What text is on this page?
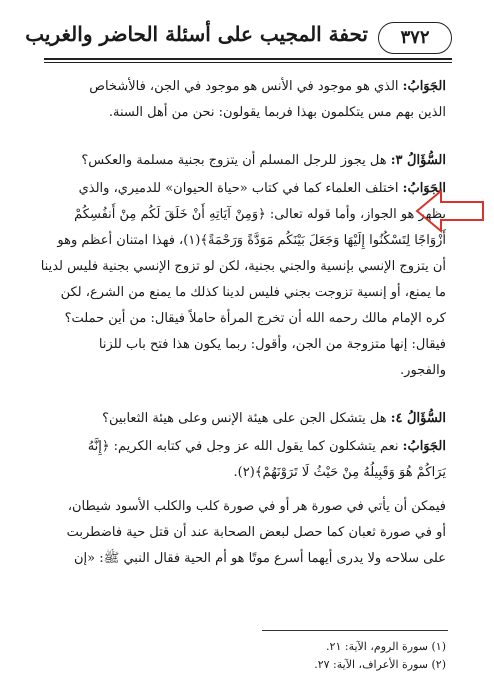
٣٧٢
تحفة المجيب على أسئلة الحاضر والغريب
الجَوَابُ: الذي هو موجود في الأنس هو موجود في الجن، فالأشخاص
الذين بهم مس يتكلمون بهذا فربما يقولون: نحن من أهل السنة.
السُّؤَالُ ٣: هل يجوز للرجل المسلم أن يتزوج بجنية مسلمة والعكس؟
الجَوَابُ: اختلف العلماء كما في كتاب «حياة الحيوان» للدميري، والذي
يظهر هو الجواز، وأما قوله تعالى: ﴿وَمِنْ آيَاتِهِ أَنْ خَلَقَ لَكُم مِنْ أَنفُسِكُمْ
أَزْوَاجًا لِتَسْكُنُوا إِلَيْهَا وَجَعَلَ بَيْنَكُم مَوَدَّةً وَرَحْمَةً﴾(١)، فهذا امتنان أعظم وهو
أن يتزوج الإنسي بإنسية والجني بجنية، لكن لو تزوج الإنسي بجنية فليس لدينا
ما يمنع، أو إنسية تزوجت بجني فليس لدينا كذلك ما يمنع من الشرع، لكن
كره الإمام مالك رحمه الله أن تخرج المرأة حاملاً فيقال: من أين حملت؟
فيقال: إنها متزوجة من الجن، وأقول: ربما يكون هذا فتح باب للزنا
والفجور.
السُّؤَالُ ٤: هل يتشكل الجن على هيئة الإنس وعلى هيئة الثعابين؟
الجَوَابُ: نعم يتشكلون كما يقول الله عز وجل في كتابه الكريم: ﴿إِنَّهُ
يَرَاكُمْ هُوَ وَقَبِيلُهُ مِنْ حَيْثُ لَا تَرَوْنَهُمْ﴾(٢).
فيمكن أن يأتي في صورة هر أو في صورة كلب والكلب الأسود شيطان،
أو في صورة ثعبان كما حصل لبعض الصحابة عند أن قتل حية فاضطربت
على سلاحه ولا يدرى أيهما أسرع موتًا هو أم الحية فقال النبي ﷺ: «إن
(١) سورة الروم، الآية: ٢١.
(٢) سورة الأعراف، الآية: ٢٧.
